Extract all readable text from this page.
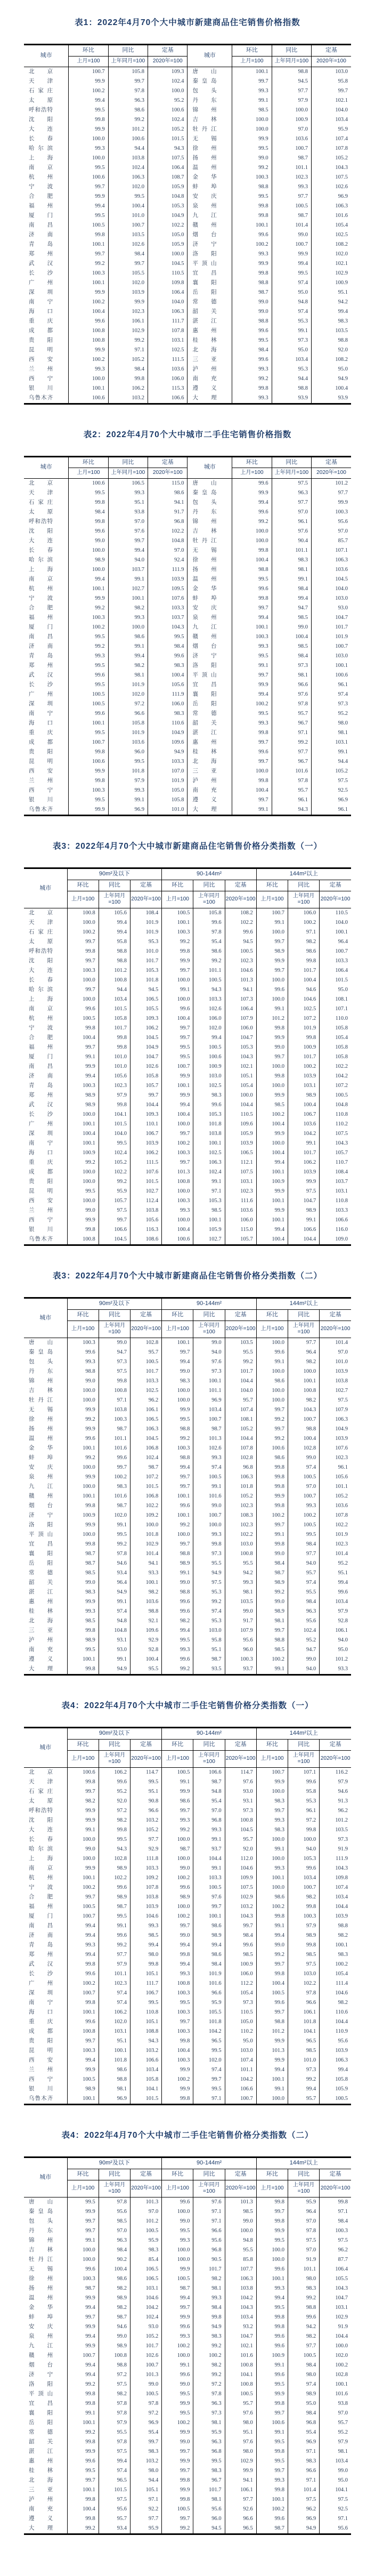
表1：2022年4月70个大中城市新建商品住宅销售价格指数
城市	环比	同比	定基	城市	环比	同比	定基
	上月=100	上年同月=100	2020年=100		上月=100	上年同月=100	2020年=100
北京	100.7	105.8	109.3	唐山	100.1	98.8	103.0
天津	99.9	99.7	102.4	秦皇岛	99.7	94.5	95.8
石家庄	100.2	97.8	100.0	包头	99.3	97.7	99.7
太原	99.4	96.3	95.2	丹东	99.1	97.9	102.1
呼和浩特	99.5	98.6	100.6	锦州	98.5	100.0	104.0
沈阳	99.8	99.2	102.4	吉林	100.0	100.9	103.4
大连	99.9	101.2	105.2	牡丹江	100.0	97.0	95.9
长春	100.0	100.6	101.5	无锡	99.9	103.6	107.4
哈尔滨	99.3	94.4	94.3	徐州	99.5	100.7	107.8
上海	100.0	103.8	107.5	扬州	99.0	98.7	105.2
南京	99.5	102.4	106.4	温州	99.2	101.1	104.3
杭州	100.6	106.3	108.7	金华	100.3	102.3	107.5
宁波	99.7	102.0	105.9	蚌埠	98.8	99.3	102.6
合肥	99.9	99.5	104.8	安庆	99.5	97.7	96.9
福州	99.4	100.4	105.3	泉州	99.8	100.5	106.3
厦门	99.5	101.0	104.9	九江	99.8	98.7	101.6
南昌	100.5	100.7	102.2	赣州	100.1	101.4	105.4
济南	99.8	103.5	105.0	烟台	99.6	99.0	102.5
青岛	100.1	102.6	105.9	济宁	100.2	100.7	108.2
郑州	99.7	98.4	100.0	洛阳	99.3	99.9	102.0
武汉	99.2	99.7	104.5	平顶山	99.9	99.4	102.1
长沙	100.3	105.5	110.5	宜昌	99.8	99.5	102.9
广州	100.1	102.0	109.8	襄阳	98.8	97.4	100.9
深圳	99.9	103.9	106.4	岳阳	98.7	95.0	95.1
南宁	100.2	99.9	104.0	常德	99.0	94.8	94.2
海口	100.4	102.3	106.3	韶关	99.0	97.4	99.4
重庆	99.6	106.1	111.7	湛江	98.8	95.3	98.3
成都	100.8	102.9	107.8	惠州	99.6	99.1	103.5
贵阳	100.8	99.2	103.1	桂林	99.5	97.3	98.8
昆明	99.9	97.1	102.5	北海	98.4	95.0	92.0
西安	100.2	105.2	111.5	三亚	99.6	103.4	108.2
兰州	99.3	98.4	103.6	泸州	99.3	95.3	95.0
西宁	100.0	99.8	106.0	南充	99.2	94.4	94.9
银川	100.1	106.2	115.3	遵义	99.8	98.8	100.4
乌鲁木齐	100.6	103.2	106.6	大理	99.3	93.9	93.9
表2：2022年4月70个大中城市二手住宅销售价格指数
城市	环比	同比	定基	城市	环比	同比	定基
	上月=100	上年同月=100	2020年=100		上月=100	上年同月=100	2020年=100
北京	100.6	106.5	115.0	唐山	99.6	97.5	101.2
天津	99.5	99.3	98.6	秦皇岛	99.9	96.3	97.7
石家庄	99.8	95.1	94.1	包头	99.4	97.7	99.9
太原	98.4	93.8	91.7	丹东	99.6	97.0	100.3
呼和浩特	99.8	97.0	96.8	锦州	99.2	96.1	95.6
沈阳	99.6	97.6	102.2	吉林	100.0	97.6	97.0
大连	99.0	99.7	104.8	牡丹江	100.0	90.4	85.7
长春	100.0	99.4	97.0	无锡	99.8	101.1	107.1
哈尔滨	98.9	94.0	92.4	徐州	100.4	98.3	106.3
上海	100.0	103.7	111.9	扬州	98.8	98.1	103.6
南京	99.4	99.1	103.9	温州	99.5	99.1	104.5
杭州	100.1	102.7	109.5	金华	99.6	98.4	104.0
宁波	99.9	100.1	107.6	蚌埠	99.8	99.4	103.0
合肥	99.2	98.2	103.3	安庆	99.7	94.7	93.0
福州	100.3	99.3	103.7	泉州	99.4	98.5	104.7
厦门	100.2	100.0	104.3	九江	100.1	99.0	101.7
南昌	99.5	98.6	99.5	赣州	100.3	100.4	101.9
济南	99.2	99.1	98.4	烟台	99.3	98.5	100.7
青岛	99.3	99.4	99.6	济宁	99.5	98.4	103.0
郑州	99.5	98.2	98.3	洛阳	99.1	97.3	100.1
武汉	99.6	98.1	100.4	平顶山	99.7	98.1	100.6
长沙	99.5	101.9	105.6	宜昌	99.9	96.6	96.1
广州	100.5	102.0	111.9	襄阳	99.4	97.6	97.4
深圳	100.5	97.2	106.0	岳阳	100.2	97.8	97.3
南宁	99.6	96.6	98.3	常德	99.5	95.7	95.2
海口	100.1	105.8	110.6	韶关	99.3	96.7	98.0
重庆	99.5	101.9	104.9	湛江	99.8	97.1	98.1
成都	100.7	103.6	109.6	惠州	99.7	99.2	103.1
贵阳	99.8	96.0	94.9	桂林	99.6	97.7	99.1
昆明	100.6	99.5	103.3	北海	99.7	96.7	94.4
西安	99.9	101.8	107.0	三亚	100.0	101.6	105.2
兰州	99.8	97.9	101.9	泸州	99.8	97.8	97.5
西宁	100.3	99.3	105.0	南充	100.4	95.7	92.5
银川	99.5	99.1	105.8	遵义	99.7	96.1	96.9
乌鲁木齐	99.9	96.9	101.0	大理	99.1	94.3	96.1
表3：2022年4月70个大中城市新建商品住宅销售价格分类指数（一）
城市	90m²及以下			90-144m²			144m²以上		
	环比	同比	定基	环比	同比	定基	环比	同比	定基
	上月=100	上年同月=100	2020年=100	上月=100	上年同月=100	2020年=100	上月=100	上年同月=100	2020年=100
北京	100.8	105.6	108.4	100.5	105.8	108.2	100.7	106.0	110.5
天津	100.0	99.4	101.9	100.1	99.6	102.2	99.1	100.2	104.0
石家庄	100.2	99.4	101.9	100.3	97.8	99.6	100.0	97.1	100.1
太原	99.7	95.8	95.3	99.2	95.4	94.5	99.7	98.2	96.4
呼和浩特	99.8	98.8	101.0	99.8	98.6	100.5	98.9	98.6	100.7
沈阳	99.7	98.8	101.7	99.9	99.2	102.3	99.9	99.8	103.3
大连	100.3	101.2	105.3	99.7	101.1	104.6	99.7	101.7	106.4
长春	100.0	100.8	101.8	100.0	100.5	101.3	100.0	100.4	101.5
哈尔滨	99.7	94.4	94.5	99.1	94.3	94.1	99.6	94.6	95.0
上海	100.0	103.4	106.5	100.0	103.3	107.3	100.0	104.6	108.1
南京	99.6	101.5	105.5	99.6	102.6	106.4	99.1	102.5	107.1
杭州	100.5	105.8	109.3	100.4	106.0	107.9	101.2	107.2	110.0
宁波	99.8	101.7	106.2	99.7	102.0	106.0	99.8	101.9	105.8
合肥	100.4	99.8	104.5	99.7	99.4	104.7	99.9	99.8	105.4
福州	99.7	99.8	104.9	99.5	100.5	105.3	99.0	100.9	105.8
厦门	99.1	101.0	104.7	99.5	100.6	104.3	99.7	101.7	105.8
南昌	99.9	101.0	102.6	100.7	100.9	102.1	100.0	100.2	102.2
济南	99.4	105.6	105.8	99.9	103.0	105.1	99.8	103.9	104.2
青岛	100.3	102.3	105.7	100.1	102.5	105.4	100.0	103.1	107.2
郑州	98.9	97.9	99.7	99.9	98.3	100.0	99.9	98.9	100.5
武汉	98.9	99.8	104.4	99.4	99.6	104.4	98.5	100.4	104.8
长沙	100.0	104.1	109.3	100.4	105.3	110.5	100.2	106.7	110.8
广州	100.1	101.5	110.1	100.0	101.8	109.6	100.4	103.6	110.2
深圳	100.4	104.0	106.7	99.7	103.8	105.9	99.9	104.2	107.5
南宁	100.1	99.5	103.9	100.2	100.1	103.9	100.0	99.1	104.3
海口	100.9	102.4	106.2	100.3	102.5	106.5	100.4	101.7	105.7
重庆	99.2	105.2	111.5	99.7	106.3	112.1	99.4	106.2	110.7
成都	100.0	102.2	107.6	101.3	102.4	107.5	100.1	103.9	108.4
贵阳	100.0	99.2	101.5	100.8	99.1	103.1	100.9	99.9	103.7
昆明	99.5	95.9	102.7	100.0	97.1	102.3	99.9	97.5	103.1
西安	100.0	105.7	112.4	100.3	105.3	111.6	100.1	104.7	110.8
兰州	99.0	97.5	103.8	99.3	98.5	103.6	99.9	98.9	103.3
西宁	99.9	99.7	105.6	100.0	100.1	106.0	100.1	99.1	106.6
银川	99.8	106.6	116.3	100.4	105.9	115.0	99.4	106.6	116.0
乌鲁木齐	100.8	104.5	108.6	100.6	102.7	105.7	100.4	104.4	109.0
表3：2022年4月70个大中城市新建商品住宅销售价格分类指数（二）
城市	90m²及以下			90-144m²			144m²以上		
	环比	同比	定基	环比	同比	定基	环比	同比	定基
	上月=100	上年同月=100	2020年=100	上月=100	上年同月=100	2020年=100	上月=100	上年同月=100	2020年=100
唐山	100.3	99.0	102.8	100.1	99.0	103.5	100.0	97.7	101.4
秦皇岛	99.6	94.7	95.7	99.7	94.0	95.5	99.6	96.4	97.0
包头	99.3	97.3	100.5	99.4	97.6	99.2	99.1	98.2	101.0
丹东	98.8	97.5	101.7	99.0	97.3	101.7	100.0	100.0	103.9
锦州	99.0	99.8	103.3	98.3	100.1	104.4	98.6	100.1	103.8
吉林	100.0	100.8	102.5	100.0	101.1	104.0	100.0	100.8	102.7
牡丹江	100.0	97.1	96.2	100.0	96.9	95.7	100.0	98.2	97.5
无锡	99.9	103.8	106.1	99.9	103.4	107.4	99.7	104.3	107.9
徐州	99.2	100.3	106.5	99.5	100.7	108.1	99.2	100.7	106.3
扬州	99.9	98.7	106.3	98.8	98.7	105.2	99.7	98.8	104.9
温州	99.6	101.1	104.5	99.2	101.3	104.4	99.2	100.4	103.9
金华	100.1	101.6	106.8	100.3	102.6	107.8	100.6	102.8	107.6
蚌埠	99.2	99.6	102.4	98.8	99.3	102.8	98.6	99.0	102.3
安庆	100.0	99.7	98.7	99.4	97.4	96.8	99.8	97.4	96.1
泉州	99.9	100.2	107.2	99.7	100.5	106.3	99.8	100.5	105.6
九江	100.0	98.3	101.5	99.7	99.1	101.8	99.8	97.0	101.1
赣州	100.1	101.6	106.8	100.1	101.6	105.2	99.9	100.7	105.2
烟台	99.8	98.7	102.2	99.6	99.0	102.3	99.8	99.3	103.6
济宁	100.9	102.0	109.2	100.1	100.7	108.3	100.2	100.2	107.8
洛阳	99.9	99.1	100.0	99.2	100.0	102.3	99.7	100.5	102.2
平顶山	100.0	99.5	101.8	100.0	99.3	102.2	99.1	99.5	101.9
宜昌	99.8	99.2	102.9	99.7	99.8	103.0	99.8	98.4	102.3
襄阳	98.7	97.8	101.4	98.8	97.3	100.8	99.0	97.7	101.4
岳阳	98.7	94.6	94.1	98.9	95.5	95.5	98.4	94.0	95.2
常德	98.5	93.4	93.3	99.1	94.9	94.2	98.7	95.7	95.1
韶关	99.0	96.4	100.1	99.0	97.5	99.3	98.9	97.4	99.4
湛江	98.3	94.9	98.2	98.8	95.3	98.1	99.2	95.5	99.6
惠州	99.9	99.1	103.6	99.6	99.2	103.5	99.0	98.4	103.4
桂林	99.3	97.4	98.8	99.6	97.4	99.0	98.9	96.3	97.9
北海	98.5	94.8	92.1	98.2	95.3	91.7	98.1	95.6	92.8
三亚	99.8	104.8	109.6	99.4	103.0	107.9	99.7	102.4	106.1
泸州	98.9	93.1	92.9	99.5	95.8	95.6	98.8	95.2	94.0
南充	99.5	93.0	92.8	99.3	95.1	96.0	98.5	94.7	95.0
遵义	100.1	99.1	100.4	99.6	98.7	100.3	100.2	99.0	101.2
大理	99.8	94.9	95.5	99.2	93.5	93.7	99.1	94.0	93.3
表4：2022年4月70个大中城市二手住宅销售价格分类指数（一）
城市	90m²及以下			90-144m²			144m²以上		
	环比	同比	定基	环比	同比	定基	环比	同比	定基
	上月=100	上年同月=100	2020年=100	上月=100	上年同月=100	2020年=100	上月=100	上年同月=100	2020年=100
北京	100.6	106.2	114.7	100.5	106.6	114.7	100.7	107.1	116.2
天津	99.8	99.6	99.5	99.1	98.7	97.6	99.9	99.6	97.9
石家庄	99.7	95.2	95.1	99.9	94.8	93.0	100.0	95.8	94.6
太原	98.2	92.0	90.8	98.6	95.4	93.1	98.3	95.3	91.3
呼和浩特	99.9	97.2	96.6	99.7	97.0	97.3	99.7	96.1	96.2
沈阳	99.9	98.2	103.2	99.3	96.8	100.8	99.3	97.2	101.2
大连	99.1	99.8	105.2	99.2	99.3	104.5	98.3	99.8	103.5
长春	100.0	99.5	97.7	100.0	99.1	95.7	100.0	100.0	97.3
哈尔滨	99.0	94.3	92.9	98.7	93.7	92.0	99.1	94.0	91.9
上海	100.0	102.8	111.8	100.0	104.4	112.0	100.0	105.3	111.9
南京	99.9	98.9	103.3	99.0	99.1	104.6	99.3	99.6	104.3
杭州	100.1	102.2	109.2	100.2	103.3	109.9	100.1	103.4	109.8
宁波	100.2	99.6	107.8	99.6	100.5	107.5	100.0	100.7	107.4
合肥	99.7	98.9	103.8	98.9	97.6	102.9	98.6	98.2	103.4
福州	100.5	98.7	103.9	100.0	99.7	103.2	100.2	99.8	104.4
厦门	100.7	99.5	104.6	100.2	100.1	104.3	99.8	100.3	103.9
南昌	99.4	99.1	99.3	99.7	98.6	99.7	99.1	97.9	98.8
济南	99.4	99.6	98.5	99.0	98.9	98.4	99.4	98.9	98.2
青岛	99.3	99.2	99.4	99.4	99.4	99.6	99.0	99.8	100.1
郑州	99.4	97.7	98.0	99.8	98.6	98.5	99.2	98.5	98.3
武汉	99.8	97.9	99.8	99.4	98.4	100.9	99.7	97.5	100.2
长沙	99.6	101.1	105.1	99.3	101.9	106.0	99.8	103.0	105.4
广州	100.2	102.3	111.7	100.8	101.6	112.2	100.4	102.2	111.4
深圳	100.7	97.4	106.7	100.3	96.6	105.4	100.5	97.8	104.6
南宁	99.8	97.4	99.5	99.5	95.9	97.3	99.6	96.6	98.2
海口	100.1	106.2	110.8	100.3	105.5	110.5	99.7	106.1	110.6
重庆	99.6	102.0	105.1	99.7	101.8	105.0	98.8	101.8	104.4
成都	100.8	103.1	108.8	100.3	104.2	110.2	101.2	104.1	110.9
贵阳	99.7	95.1	94.3	99.8	96.5	95.0	99.9	96.5	95.6
昆明	100.3	100.1	103.2	100.4	99.5	103.0	101.3	98.5	103.9
西安	99.4	101.8	106.6	100.3	102.0	107.4	99.9	101.0	106.3
兰州	99.9	98.6	103.4	99.9	97.4	101.1	99.4	97.3	99.4
西宁	100.5	98.8	105.8	100.2	99.7	104.2	100.1	99.2	105.8
银川	98.9	98.1	104.1	99.9	99.5	106.6	99.1	99.4	105.9
乌鲁木齐	100.1	96.9	101.5	99.8	97.1	100.7	100.0	95.7	100.5
表4：2022年4月70个大中城市二手住宅销售价格分类指数（二）
城市	90m²及以下			90-144m²			144m²以上		
	环比	同比	定基	环比	同比	定基	环比	同比	定基
	上月=100	上年同月=100	2020年=100	上月=100	上年同月=100	2020年=100	上月=100	上年同月=100	2020年=100
唐山	99.5	97.8	101.3	99.6	97.6	101.3	99.8	95.9	99.8
秦皇岛	99.9	95.6	97.0	100.0	97.1	98.5	99.7	96.4	97.1
包头	99.7	98.5	101.2	99.0	97.1	99.0	99.8	97.0	98.4
丹东	99.7	97.0	100.5	99.5	96.6	100.0	99.9	97.8	100.3
锦州	99.1	96.3	95.9	99.3	95.6	94.8	99.5	97.5	97.5
吉林	100.0	98.4	98.3	100.0	96.8	95.5	100.0	97.0	96.2
牡丹江	100.0	90.2	85.4	100.0	90.5	85.8	100.0	91.9	87.7
无锡	99.6	100.4	106.5	99.9	101.7	107.7	99.6	101.1	106.4
徐州	100.3	98.6	106.5	100.5	98.2	106.3	100.1	98.0	105.5
扬州	98.7	98.2	103.1	98.7	98.1	103.8	99.3	98.3	104.3
温州	99.9	98.9	104.6	99.4	99.3	104.2	99.4	99.2	104.7
金华	99.4	98.2	104.2	99.7	98.4	104.3	99.5	98.8	103.1
蚌埠	99.7	98.7	102.4	99.9	99.8	103.4	99.8	99.6	102.9
安庆	99.9	94.6	93.0	99.6	94.9	93.2	99.8	94.2	91.9
泉州	99.4	99.0	105.2	99.3	98.3	104.7	99.6	98.2	104.4
九江	99.9	98.9	101.7	100.2	99.2	102.1	99.6	97.7	100.0
赣州	100.7	100.8	102.6	100.0	100.2	101.6	100.9	100.5	102.0
烟台	99.4	98.8	100.7	99.1	98.2	100.8	99.1	98.4	100.2
济宁	99.4	97.2	101.3	99.6	99.2	104.1	99.6	98.0	102.8
洛阳	99.2	97.5	99.0	99.0	97.2	100.8	99.5	97.4	100.1
平顶山	99.8	98.2	100.5	99.5	97.8	100.5	99.9	98.9	101.6
宜昌	99.8	97.8	97.8	99.9	96.3	95.7	99.8	95.0	93.8
襄阳	99.1	97.8	97.2	99.5	97.3	97.6	99.7	98.4	97.0
岳阳	100.1	97.9	96.9	100.2	98.1	98.0	100.6	96.8	95.7
常德	99.2	95.5	95.4	99.9	95.9	95.1	99.1	95.4	95.2
韶关	99.8	97.8	99.7	99.0	96.3	97.6	99.5	96.9	97.9
湛江	99.9	97.5	98.3	99.7	96.8	98.0	99.8	97.1	98.1
惠州	99.6	99.4	103.2	99.9	99.5	102.9	99.5	98.3	103.4
桂林	99.5	97.4	98.0	99.7	98.3	99.9	99.7	96.6	99.0
北海	99.7	96.5	94.4	99.8	96.7	94.1	99.3	97.1	95.0
三亚	100.1	101.5	105.1	99.9	101.7	106.1	99.8	101.4	104.1
泸州	99.8	97.5	97.1	99.8	98.1	97.7	100.1	97.5	97.5
南充	100.4	95.6	92.2	100.5	95.6	92.6	100.2	96.2	92.5
遵义	99.8	95.7	97.7	99.7	96.0	96.6	99.6	96.9	97.1
大理	99.2	93.4	95.9	99.2	94.5	96.5	98.7	94.9	95.6
